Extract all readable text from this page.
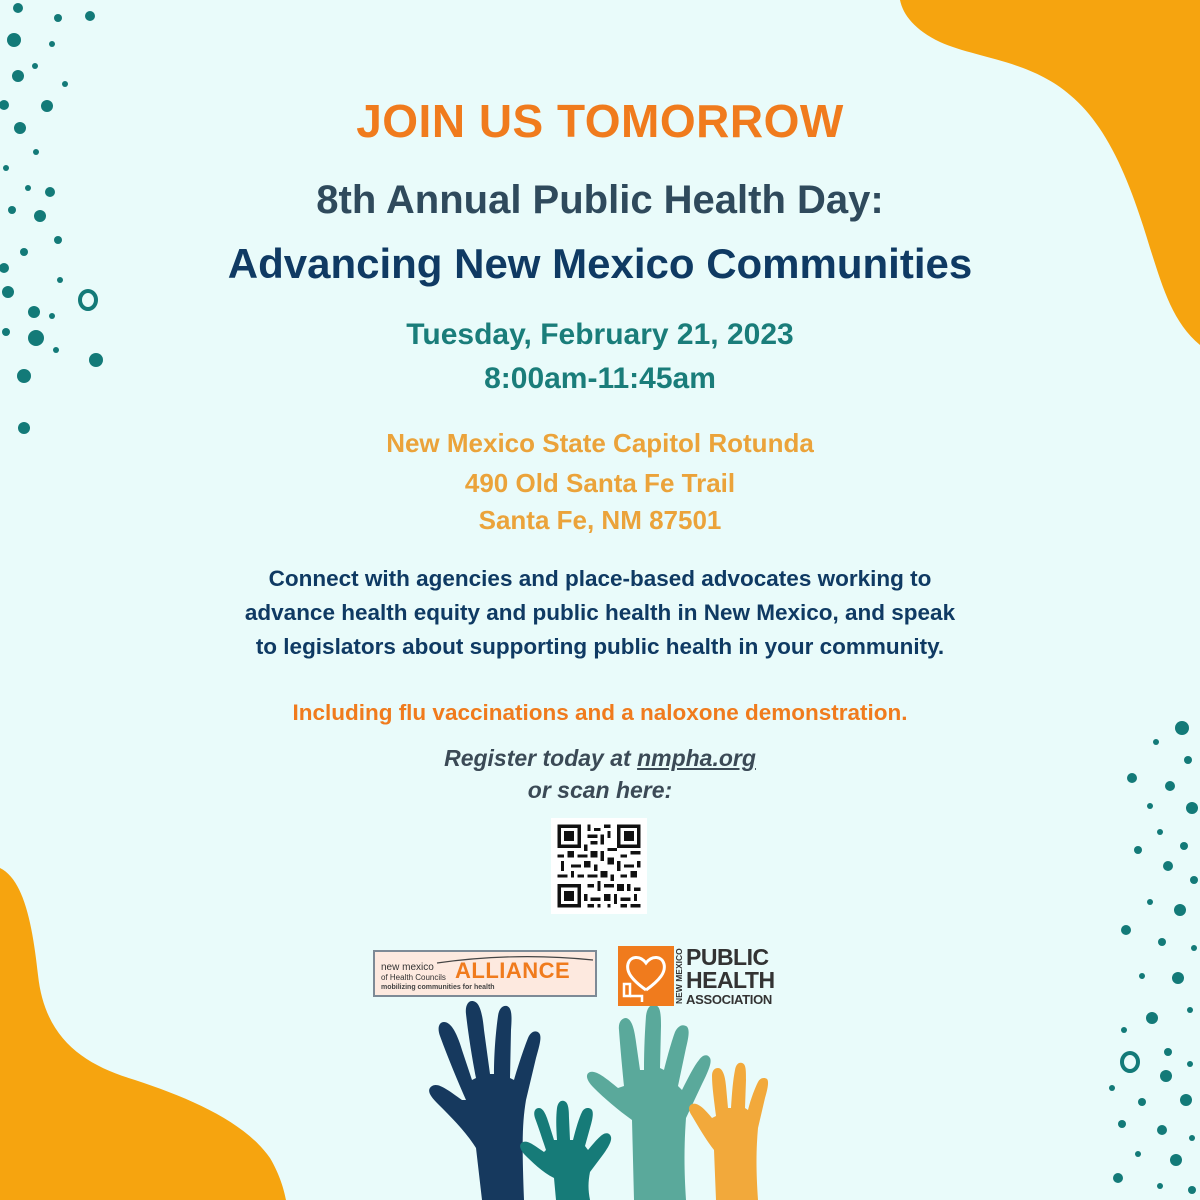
JOIN US TOMORROW
8th Annual Public Health Day:
Advancing New Mexico Communities
Tuesday, February 21, 2023
8:00am-11:45am
New Mexico State Capitol Rotunda
490 Old Santa Fe Trail
Santa Fe, NM 87501
Connect with agencies and place-based advocates working to
advance health equity and public health in New Mexico, and speak
to legislators about supporting public health in your community.
Including flu vaccinations and a naloxone demonstration.
Register today at nmpha.org
or scan here:
new mexico
of Health Councils ALLIANCE
mobilizing communities for health	NEW MEXICO PUBLIC
HEALTH
ASSOCIATION
